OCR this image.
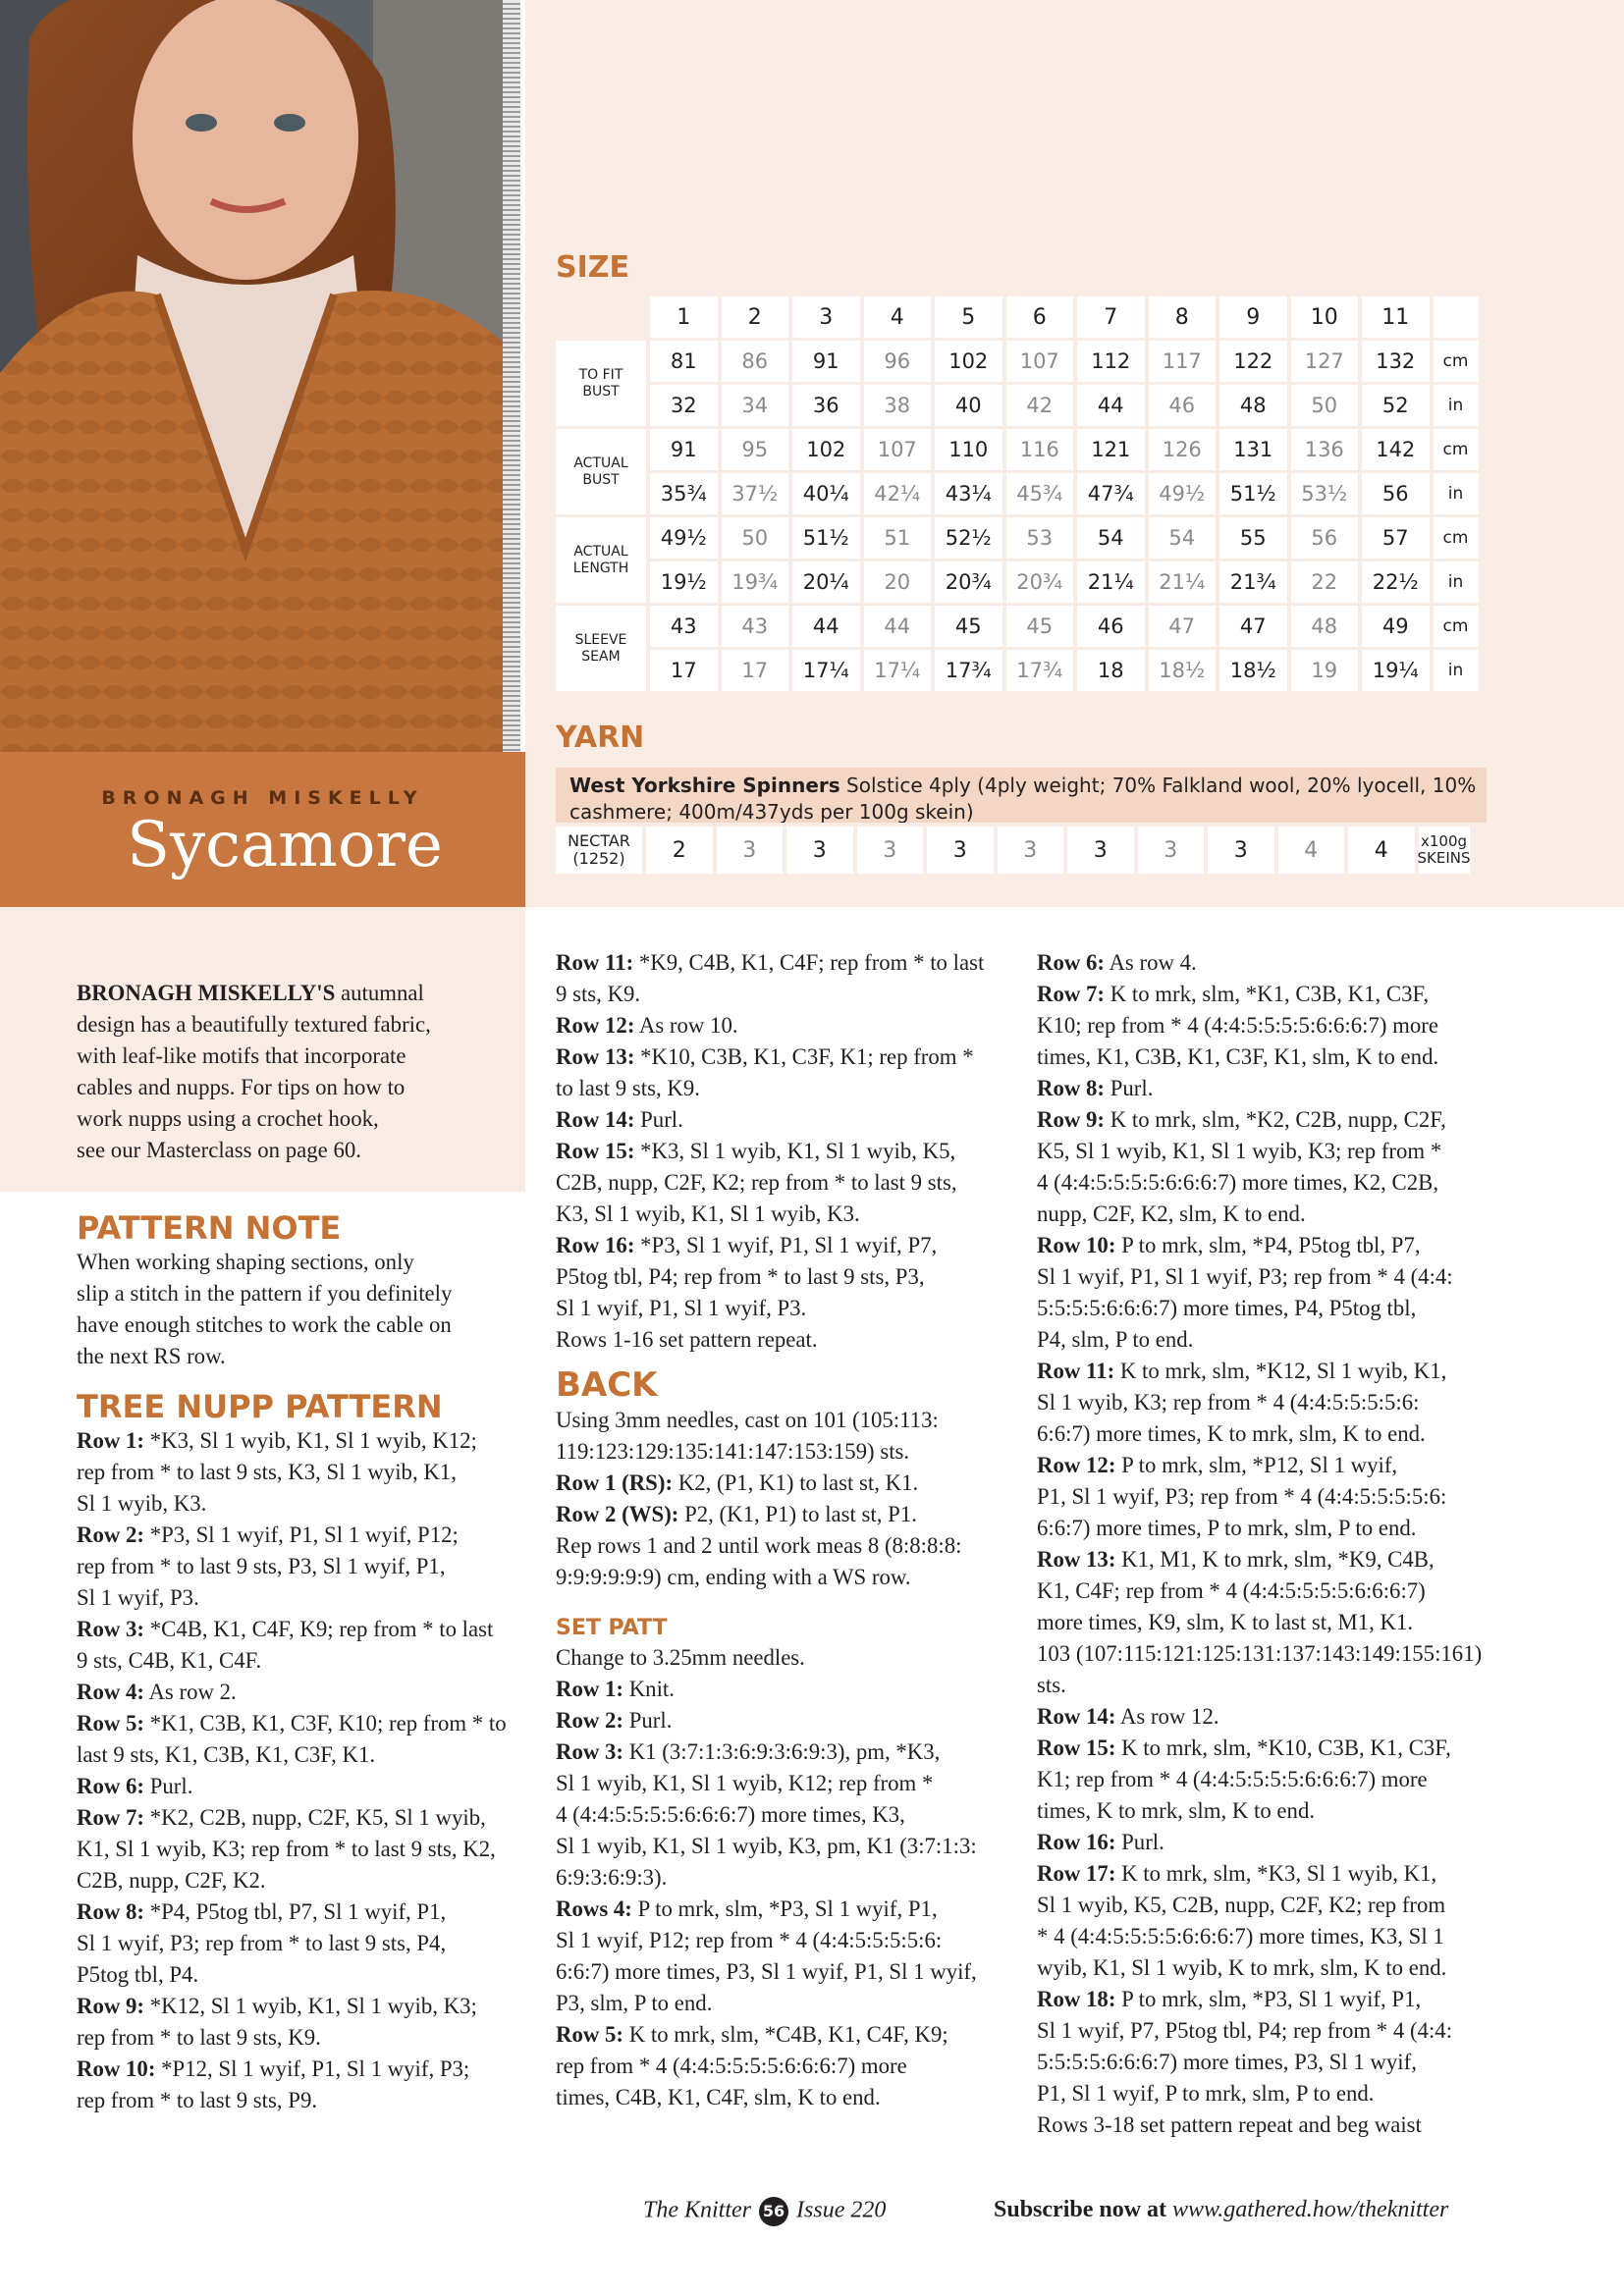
BRONAGH MISKELLY
Sycamore
SIZE
1	2	3	4	5	6	7	8	9	10	11
TO FIT BUST
81	86	91	96	102	107	112	117	122	127	132	cm
32	34	36	38	40	42	44	46	48	50	52	in
ACTUAL BUST
91	95	102	107	110	116	121	126	131	136	142	cm
35¾	37½	40¼	42¼	43¼	45¾	47¾	49½	51½	53½	56	in
ACTUAL LENGTH
49½	50	51½	51	52½	53	54	54	55	56	57	cm
19½	19¾	20¼	20	20¾	20¾	21¼	21¼	21¾	22	22½	in
SLEEVE SEAM
43	43	44	44	45	45	46	47	47	48	49	cm
17	17	17¼	17¼	17¾	17¾	18	18½	18½	19	19¼	in
YARN
West Yorkshire Spinners Solstice 4ply (4ply weight; 70% Falkland wool, 20% lyocell, 10%
cashmere; 400m/437yds per 100g skein)
NECTAR
(1252)	2	3	3	3	3	3	3	3	3	4	4	x100g
SKEINS
BRONAGH MISKELLY'S autumnal
design has a beautifully textured fabric,
with leaf-like motifs that incorporate
cables and nupps. For tips on how to
work nupps using a crochet hook,
see our Masterclass on page 60.
PATTERN NOTE
When working shaping sections, only
slip a stitch in the pattern if you definitely
have enough stitches to work the cable on
the next RS row.
TREE NUPP PATTERN
Row 1: *K3, Sl 1 wyib, K1, Sl 1 wyib, K12;
rep from * to last 9 sts, K3, Sl 1 wyib, K1,
Sl 1 wyib, K3.
Row 2: *P3, Sl 1 wyif, P1, Sl 1 wyif, P12;
rep from * to last 9 sts, P3, Sl 1 wyif, P1,
Sl 1 wyif, P3.
Row 3: *C4B, K1, C4F, K9; rep from * to last
9 sts, C4B, K1, C4F.
Row 4: As row 2.
Row 5: *K1, C3B, K1, C3F, K10; rep from * to
last 9 sts, K1, C3B, K1, C3F, K1.
Row 6: Purl.
Row 7: *K2, C2B, nupp, C2F, K5, Sl 1 wyib,
K1, Sl 1 wyib, K3; rep from * to last 9 sts, K2,
C2B, nupp, C2F, K2.
Row 8: *P4, P5tog tbl, P7, Sl 1 wyif, P1,
Sl 1 wyif, P3; rep from * to last 9 sts, P4,
P5tog tbl, P4.
Row 9: *K12, Sl 1 wyib, K1, Sl 1 wyib, K3;
rep from * to last 9 sts, K9.
Row 10: *P12, Sl 1 wyif, P1, Sl 1 wyif, P3;
rep from * to last 9 sts, P9.
Row 11: *K9, C4B, K1, C4F; rep from * to last
9 sts, K9.
Row 12: As row 10.
Row 13: *K10, C3B, K1, C3F, K1; rep from *
to last 9 sts, K9.
Row 14: Purl.
Row 15: *K3, Sl 1 wyib, K1, Sl 1 wyib, K5,
C2B, nupp, C2F, K2; rep from * to last 9 sts,
K3, Sl 1 wyib, K1, Sl 1 wyib, K3.
Row 16: *P3, Sl 1 wyif, P1, Sl 1 wyif, P7,
P5tog tbl, P4; rep from * to last 9 sts, P3,
Sl 1 wyif, P1, Sl 1 wyif, P3.
Rows 1-16 set pattern repeat.
BACK
Using 3mm needles, cast on 101 (105:113:
119:123:129:135:141:147:153:159) sts.
Row 1 (RS): K2, (P1, K1) to last st, K1.
Row 2 (WS): P2, (K1, P1) to last st, P1.
Rep rows 1 and 2 until work meas 8 (8:8:8:8:
9:9:9:9:9:9) cm, ending with a WS row.
SET PATT
Change to 3.25mm needles.
Row 1: Knit.
Row 2: Purl.
Row 3: K1 (3:7:1:3:6:9:3:6:9:3), pm, *K3,
Sl 1 wyib, K1, Sl 1 wyib, K12; rep from *
4 (4:4:5:5:5:5:6:6:6:7) more times, K3,
Sl 1 wyib, K1, Sl 1 wyib, K3, pm, K1 (3:7:1:3:
6:9:3:6:9:3).
Rows 4: P to mrk, slm, *P3, Sl 1 wyif, P1,
Sl 1 wyif, P12; rep from * 4 (4:4:5:5:5:5:6:
6:6:7) more times, P3, Sl 1 wyif, P1, Sl 1 wyif,
P3, slm, P to end.
Row 5: K to mrk, slm, *C4B, K1, C4F, K9;
rep from * 4 (4:4:5:5:5:5:6:6:6:7) more
times, C4B, K1, C4F, slm, K to end.
Row 6: As row 4.
Row 7: K to mrk, slm, *K1, C3B, K1, C3F,
K10; rep from * 4 (4:4:5:5:5:5:6:6:6:7) more
times, K1, C3B, K1, C3F, K1, slm, K to end.
Row 8: Purl.
Row 9: K to mrk, slm, *K2, C2B, nupp, C2F,
K5, Sl 1 wyib, K1, Sl 1 wyib, K3; rep from *
4 (4:4:5:5:5:5:6:6:6:7) more times, K2, C2B,
nupp, C2F, K2, slm, K to end.
Row 10: P to mrk, slm, *P4, P5tog tbl, P7,
Sl 1 wyif, P1, Sl 1 wyif, P3; rep from * 4 (4:4:
5:5:5:5:6:6:6:7) more times, P4, P5tog tbl,
P4, slm, P to end.
Row 11: K to mrk, slm, *K12, Sl 1 wyib, K1,
Sl 1 wyib, K3; rep from * 4 (4:4:5:5:5:5:6:
6:6:7) more times, K to mrk, slm, K to end.
Row 12: P to mrk, slm, *P12, Sl 1 wyif,
P1, Sl 1 wyif, P3; rep from * 4 (4:4:5:5:5:5:6:
6:6:7) more times, P to mrk, slm, P to end.
Row 13: K1, M1, K to mrk, slm, *K9, C4B,
K1, C4F; rep from * 4 (4:4:5:5:5:5:6:6:6:7)
more times, K9, slm, K to last st, M1, K1.
103 (107:115:121:125:131:137:143:149:155:161)
sts.
Row 14: As row 12.
Row 15: K to mrk, slm, *K10, C3B, K1, C3F,
K1; rep from * 4 (4:4:5:5:5:5:6:6:6:7) more
times, K to mrk, slm, K to end.
Row 16: Purl.
Row 17: K to mrk, slm, *K3, Sl 1 wyib, K1,
Sl 1 wyib, K5, C2B, nupp, C2F, K2; rep from
* 4 (4:4:5:5:5:5:6:6:6:7) more times, K3, Sl 1
wyib, K1, Sl 1 wyib, K to mrk, slm, K to end.
Row 18: P to mrk, slm, *P3, Sl 1 wyif, P1,
Sl 1 wyif, P7, P5tog tbl, P4; rep from * 4 (4:4:
5:5:5:5:6:6:6:7) more times, P3, Sl 1 wyif,
P1, Sl 1 wyif, P to mrk, slm, P to end.
Rows 3-18 set pattern repeat and beg waist
The Knitter 56 Issue 220	Subscribe now at www.gathered.how/theknitter
